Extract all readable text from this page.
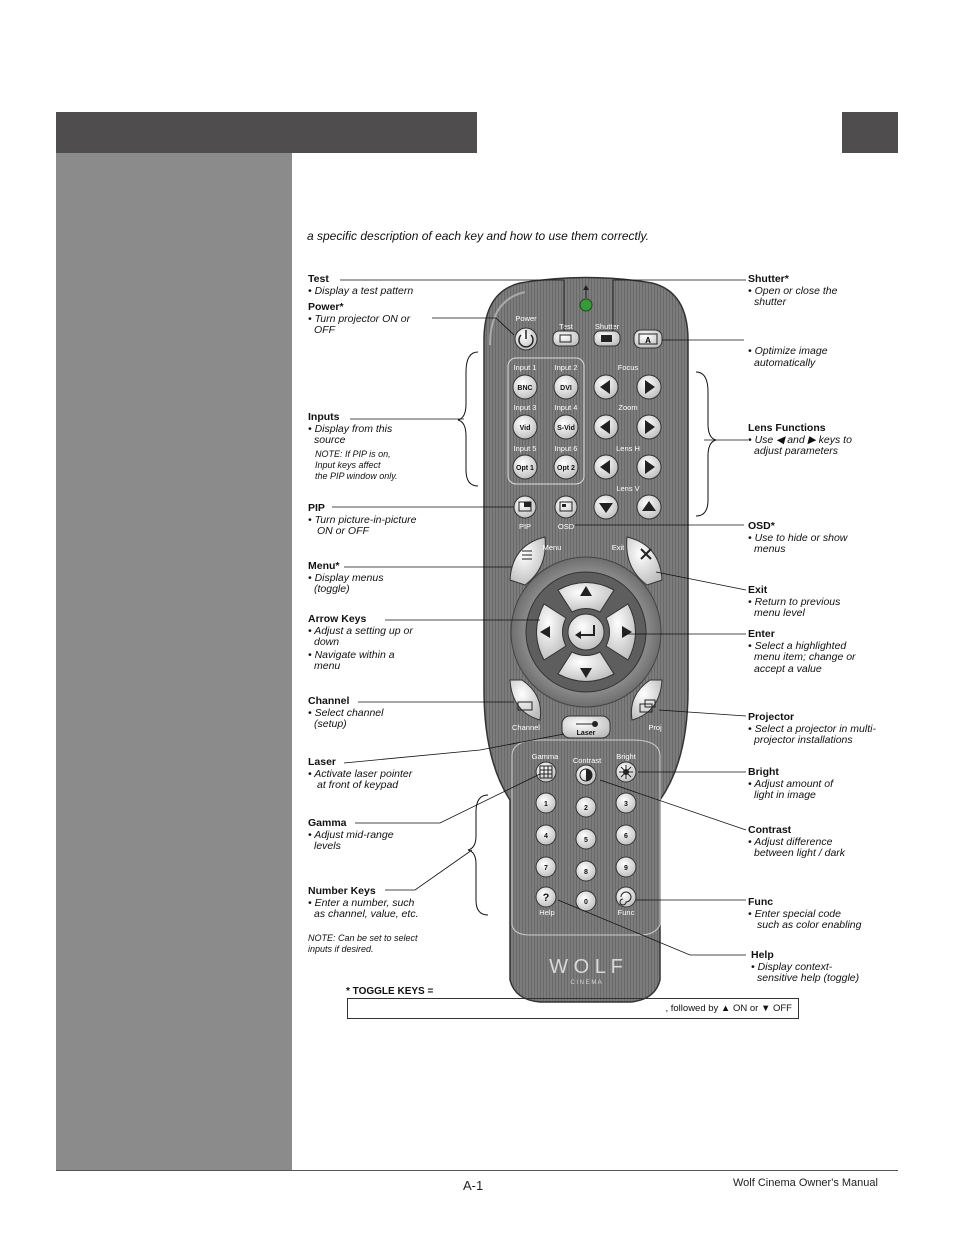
a specific description of each key and how to use them correctly.
A
Power
Test	Shutter
Input 1 Input 2
Input 3 Input 4
Input 5 Input 6
Focus
Zoom
Lens H
Lens V
PIP	OSD
Menu	Exit
Channel	Proj
Gamma Contrast Bright
Help	Func
BNC	DVI
Vid	S-Vid
Opt 1	Opt 2
Laser
1
2
3
4
5
6
7
8
9
0
?
W O L F
C I N E M A
Test
• Display a test pattern
Power*
• Turn projector ON or
OFF
Inputs
• Display from this
source
NOTE: If PIP is on,
Input keys affect
the PIP window only.
PIP
• Turn picture-in-picture
ON or OFF
Menu*
• Display menus
(toggle)
Arrow Keys
• Adjust a setting up or
down
• Navigate within a
menu
Channel
• Select channel
(setup)
Laser
• Activate laser pointer
at front of keypad
Gamma
• Adjust mid-range
levels
Number Keys
• Enter a number, such
as channel, value, etc.
NOTE: Can be set to select
inputs if desired.
Shutter*
• Open or close the
shutter
• Optimize image
automatically
Lens Functions
• Use ◀ and ▶ keys to
adjust parameters
OSD*
• Use to hide or show
menus
Exit
• Return to previous
menu level
Enter
• Select a highlighted
menu item; change or
accept a value
Projector
• Select a projector in multi-
projector installations
Bright
• Adjust amount of
light in image
Contrast
• Adjust difference
between light / dark
Func
• Enter special code
such as color enabling
Help
• Display context-
sensitive help (toggle)
* TOGGLE KEYS =
, followed by ▲ ON or ▼ OFF
A-1	Wolf Cinema Owner's Manual
